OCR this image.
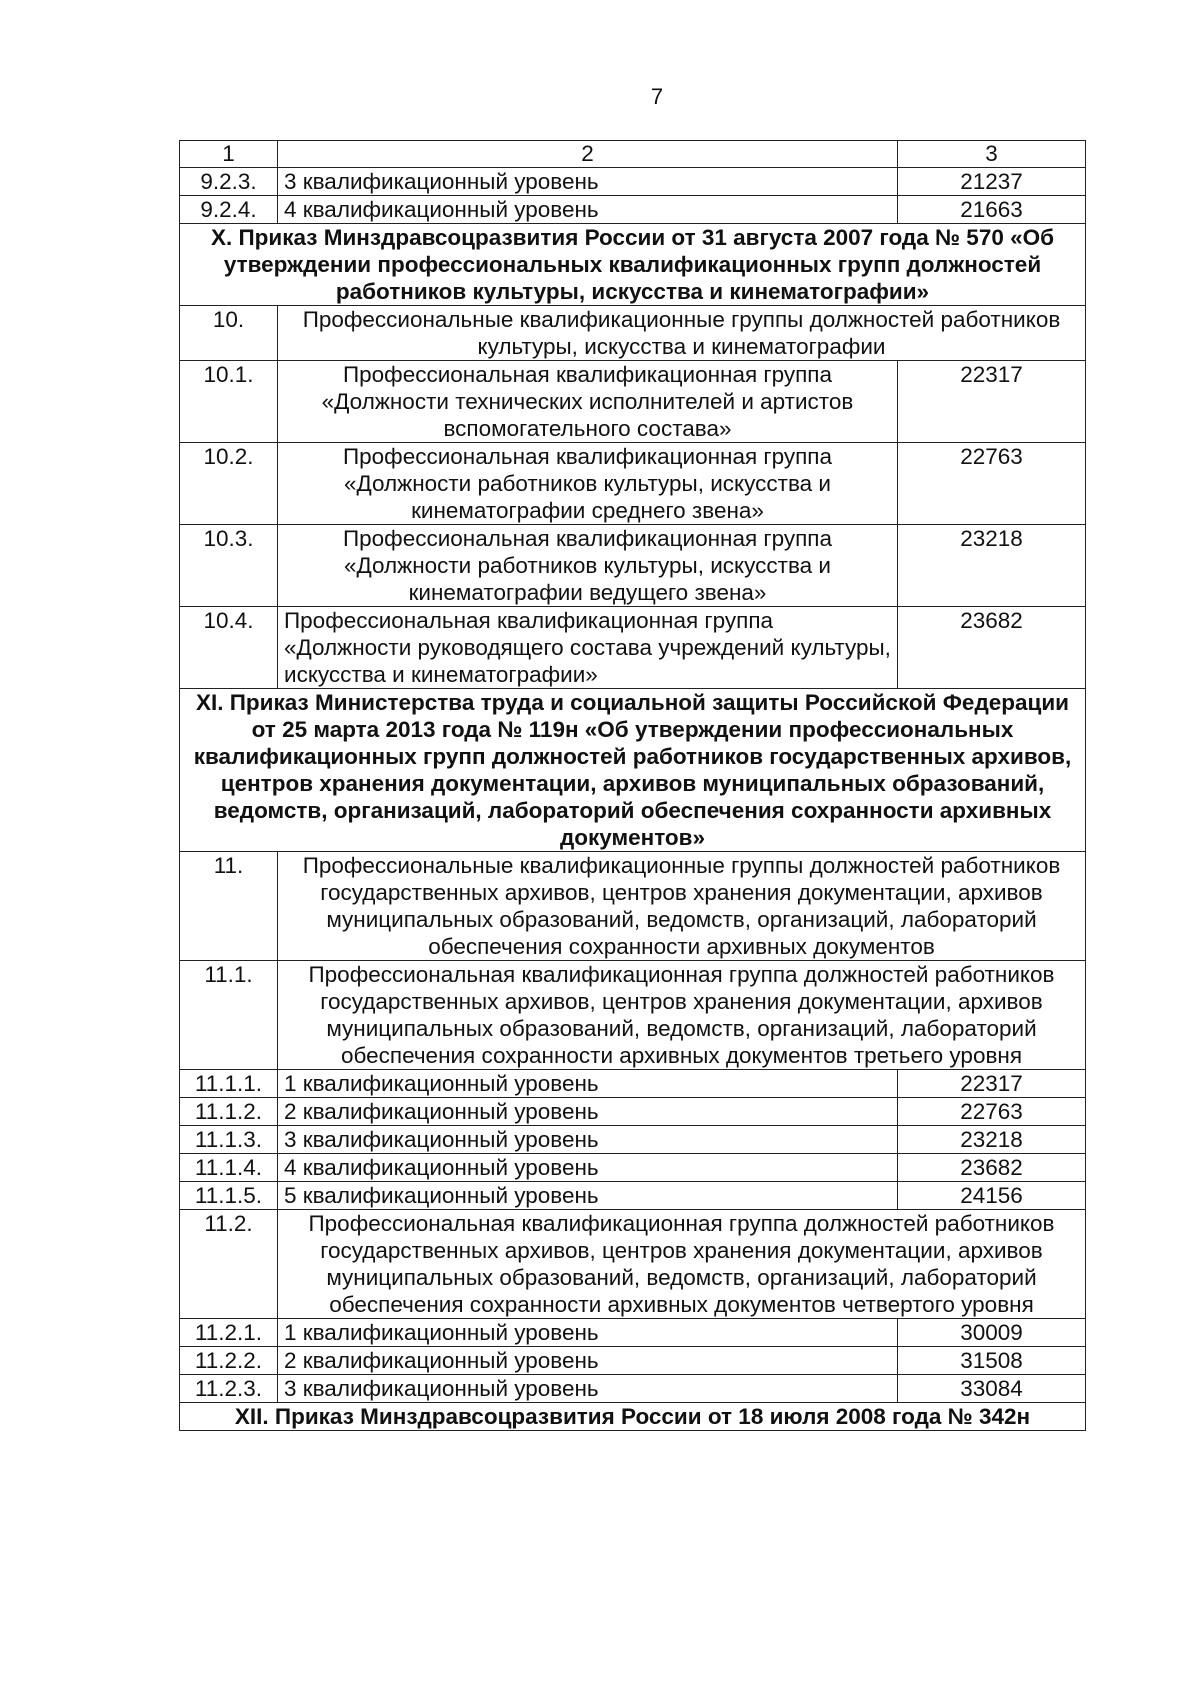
7
1	2	3
9.2.3.	3 квалификационный уровень	21237
9.2.4.	4 квалификационный уровень	21663
X. Приказ Минздравсоцразвития России от 31 августа 2007 года № 570 «Об утверждении профессиональных квалификационных групп должностей работников культуры, искусства и кинематографии»		
10.	Профессиональные квалификационные группы должностей работников культуры, искусства и кинематографии	
10.1.	Профессиональная квалификационная группа «Должности технических исполнителей и артистов вспомогательного состава»	22317
10.2.	Профессиональная квалификационная группа «Должности работников культуры, искусства и кинематографии среднего звена»	22763
10.3.	Профессиональная квалификационная группа «Должности работников культуры, искусства и кинематографии ведущего звена»	23218
10.4.	Профессиональная квалификационная группа «Должности руководящего состава учреждений культуры, искусства и кинематографии»	23682
XI. Приказ Министерства труда и социальной защиты Российской Федерации от 25 марта 2013 года № 119н «Об утверждении профессиональных квалификационных групп должностей работников государственных архивов, центров хранения документации, архивов муниципальных образований, ведомств, организаций, лабораторий обеспечения сохранности архивных документов»		
11.	Профессиональные квалификационные группы должностей работников государственных архивов, центров хранения документации, архивов муниципальных образований, ведомств, организаций, лабораторий обеспечения сохранности архивных документов	
11.1.	Профессиональная квалификационная группа должностей работников государственных архивов, центров хранения документации, архивов муниципальных образований, ведомств, организаций, лабораторий обеспечения сохранности архивных документов третьего уровня	
11.1.1.	1 квалификационный уровень	22317
11.1.2.	2 квалификационный уровень	22763
11.1.3.	3 квалификационный уровень	23218
11.1.4.	4 квалификационный уровень	23682
11.1.5.	5 квалификационный уровень	24156
11.2.	Профессиональная квалификационная группа должностей работников государственных архивов, центров хранения документации, архивов муниципальных образований, ведомств, организаций, лабораторий обеспечения сохранности архивных документов четвертого уровня	
11.2.1.	1 квалификационный уровень	30009
11.2.2.	2 квалификационный уровень	31508
11.2.3.	3 квалификационный уровень	33084
XII. Приказ Минздравсоцразвития России от 18 июля 2008 года № 342н		
